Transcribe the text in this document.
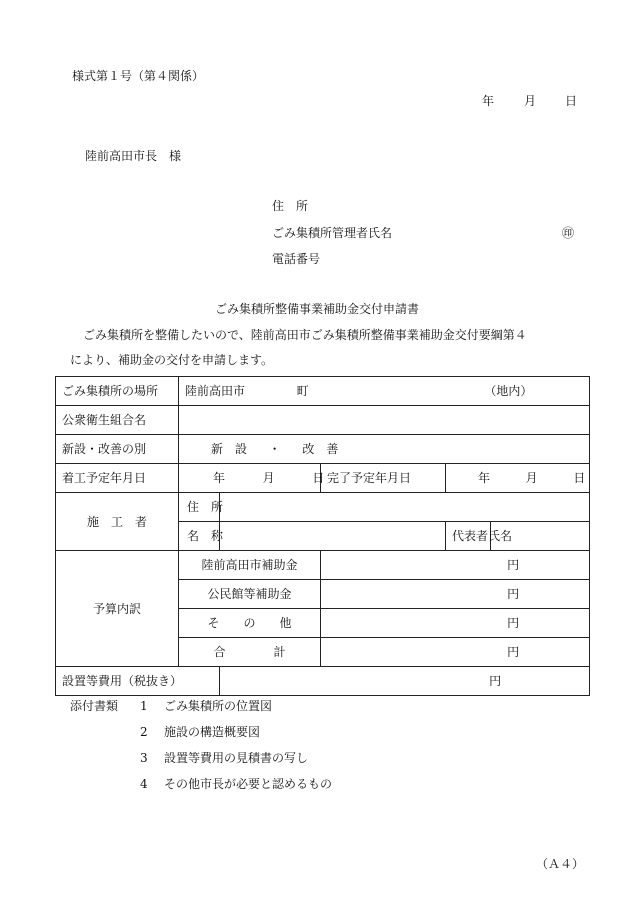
様式第１号（第４関係）
年 月 日
陸前高田市長　様
住　所
ごみ集積所管理者氏名	㊞
電話番号
ごみ集積所整備事業補助金交付申請書
ごみ集積所を整備したいので、陸前高田市ごみ集積所整備事業補助金交付要綱第４
により、補助金の交付を申請します。
ごみ集積所の場所	陸前高田市 町 （地内）				
公衆衛生組合名					
新設・改善の別	新　設 ・ 改　善				
着工予定年月日	年 月 日		完了予定年月日	年 月 日	
施　工　者	住　所				
	名　称			代表者氏名	
予算内訳	陸前高田市補助金		円		
	公民館等補助金		円		
	そ　　の　　他		円		
	合　　　　計		円		
設置等費用（税抜き）		円			
添付書類 1 ごみ集積所の位置図
2 施設の構造概要図
3 設置等費用の見積書の写し
4 その他市長が必要と認めるもの
（Ａ４）
